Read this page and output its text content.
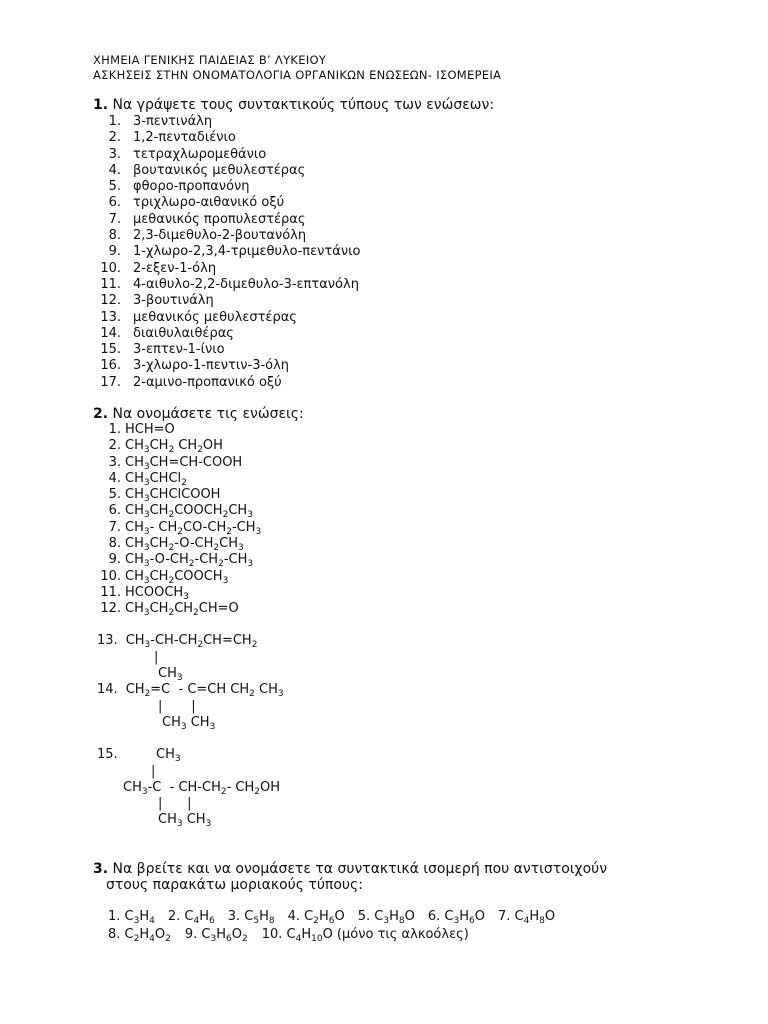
ΧΗΜΕΙΑ ΓΕΝΙΚΗΣ ΠΑΙΔΕΙΑΣ Β’ ΛΥΚΕΙΟΥ
ΑΣΚΗΣΕΙΣ ΣΤΗΝ ΟΝΟΜΑΤΟΛΟΓΙΑ ΟΡΓΑΝΙΚΩΝ ΕΝΩΣΕΩΝ- ΙΣΟΜΕΡΕΙΑ
1. Να γράψετε τους συντακτικούς τύπους των ενώσεων:
1. 3-πεντινάλη
2. 1,2-πενταδιένιο
3. τετραχλωρομεθάνιο
4. βουτανικός μεθυλεστέρας
5. φθορο-προπανόνη
6. τριχλωρο-αιθανικό οξύ
7. μεθανικός προπυλεστέρας
8. 2,3-διμεθυλο-2-βουτανόλη
9. 1-χλωρο-2,3,4-τριμεθυλο-πεντάνιο
10. 2-εξεν-1-όλη
11. 4-αιθυλο-2,2-διμεθυλο-3-επτανόλη
12. 3-βουτινάλη
13. μεθανικός μεθυλεστέρας
14. διαιθυλαιθέρας
15. 3-επτεν-1-ίνιο
16. 3-χλωρο-1-πεντιν-3-όλη
17. 2-αμινο-προπανικό οξύ
2. Να ονομάσετε τις ενώσεις:
1. HCH=O
2. CH3CH2 CH2OH
3. CH3CH=CH-COOH
4. CH3CHCl2
5. CH3CHClCOOH
6. CH3CH2COOCH2CH3
7. CH3- CH2CO-CH2-CH3
8. CH3CH2-O-CH2CH3
9. CH3-O-CH2-CH2-CH3
10. CH3CH2COOCH3
11. HCOOCH3
12. CH3CH2CH2CH=O
13. CH3-CH-CH2CH=CH2
|
CH3
14. CH2=C  - C=CH CH2 CH3
|       |
CH3 CH3
15.	CH3
|
CH3-C  - CH-CH2- CH2OH
|      |
CH3 CH3
3. Να βρείτε και να ονομάσετε τα συντακτικά ισομερή που αντιστοιχούν
στους παρακάτω μοριακούς τύπους:
1. C3H4 2. C4H6 3. C5H8 4. C2H6O 5. C3H8O 6. C3H6O 7. C4H8O
8. C2H4O2 9. C3H6O2 10. C4H10O (μόνο τις αλκοόλες)
